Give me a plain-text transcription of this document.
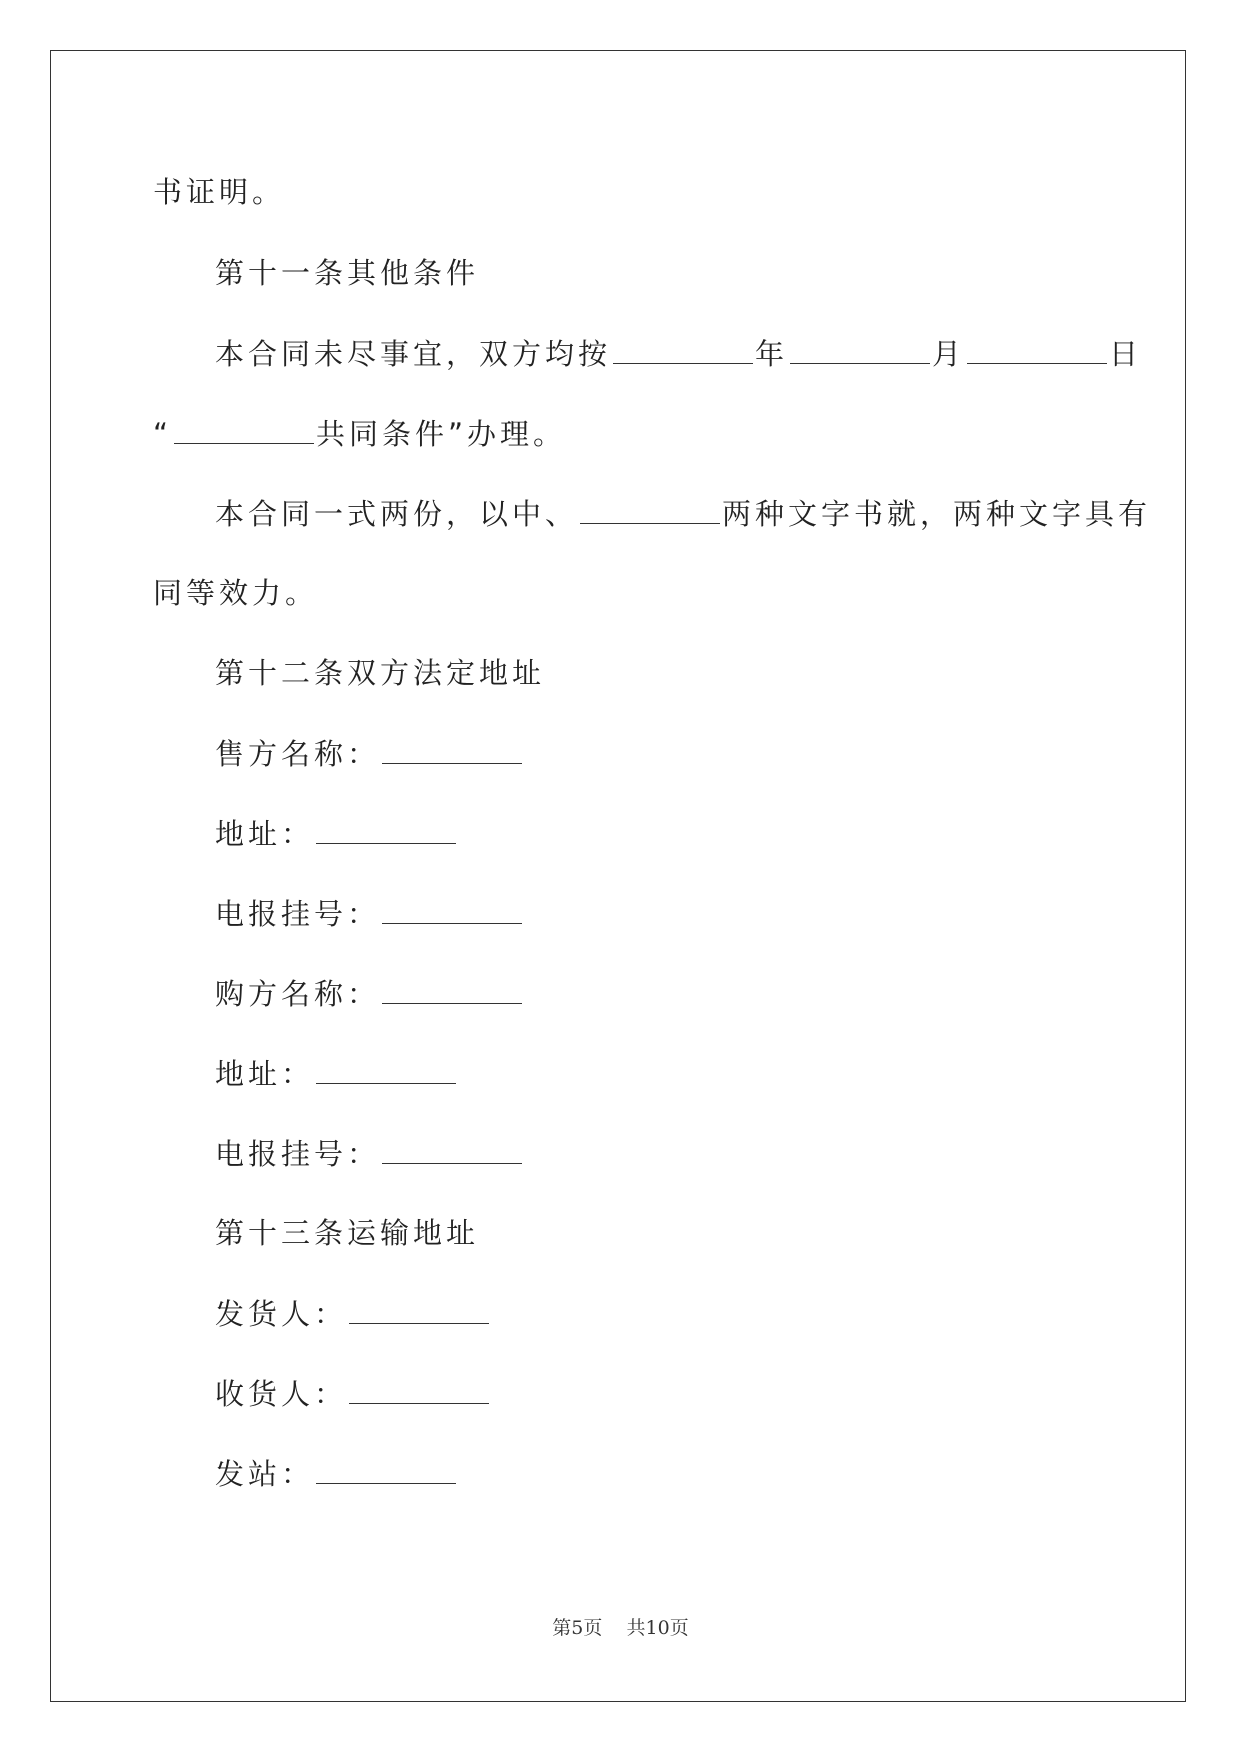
书证明。
第十一条其他条件
本合同未尽事宜，双方均按	年	月	日
“	共同条件”办理。
本合同一式两份，以中、	两种文字书就，两种文字具有
同等效力。
第十二条双方法定地址
售方名称：
地址：
电报挂号：
购方名称：
地址：
电报挂号：
第十三条运输地址
发货人：
收货人：
发站：
第5页 共10页
